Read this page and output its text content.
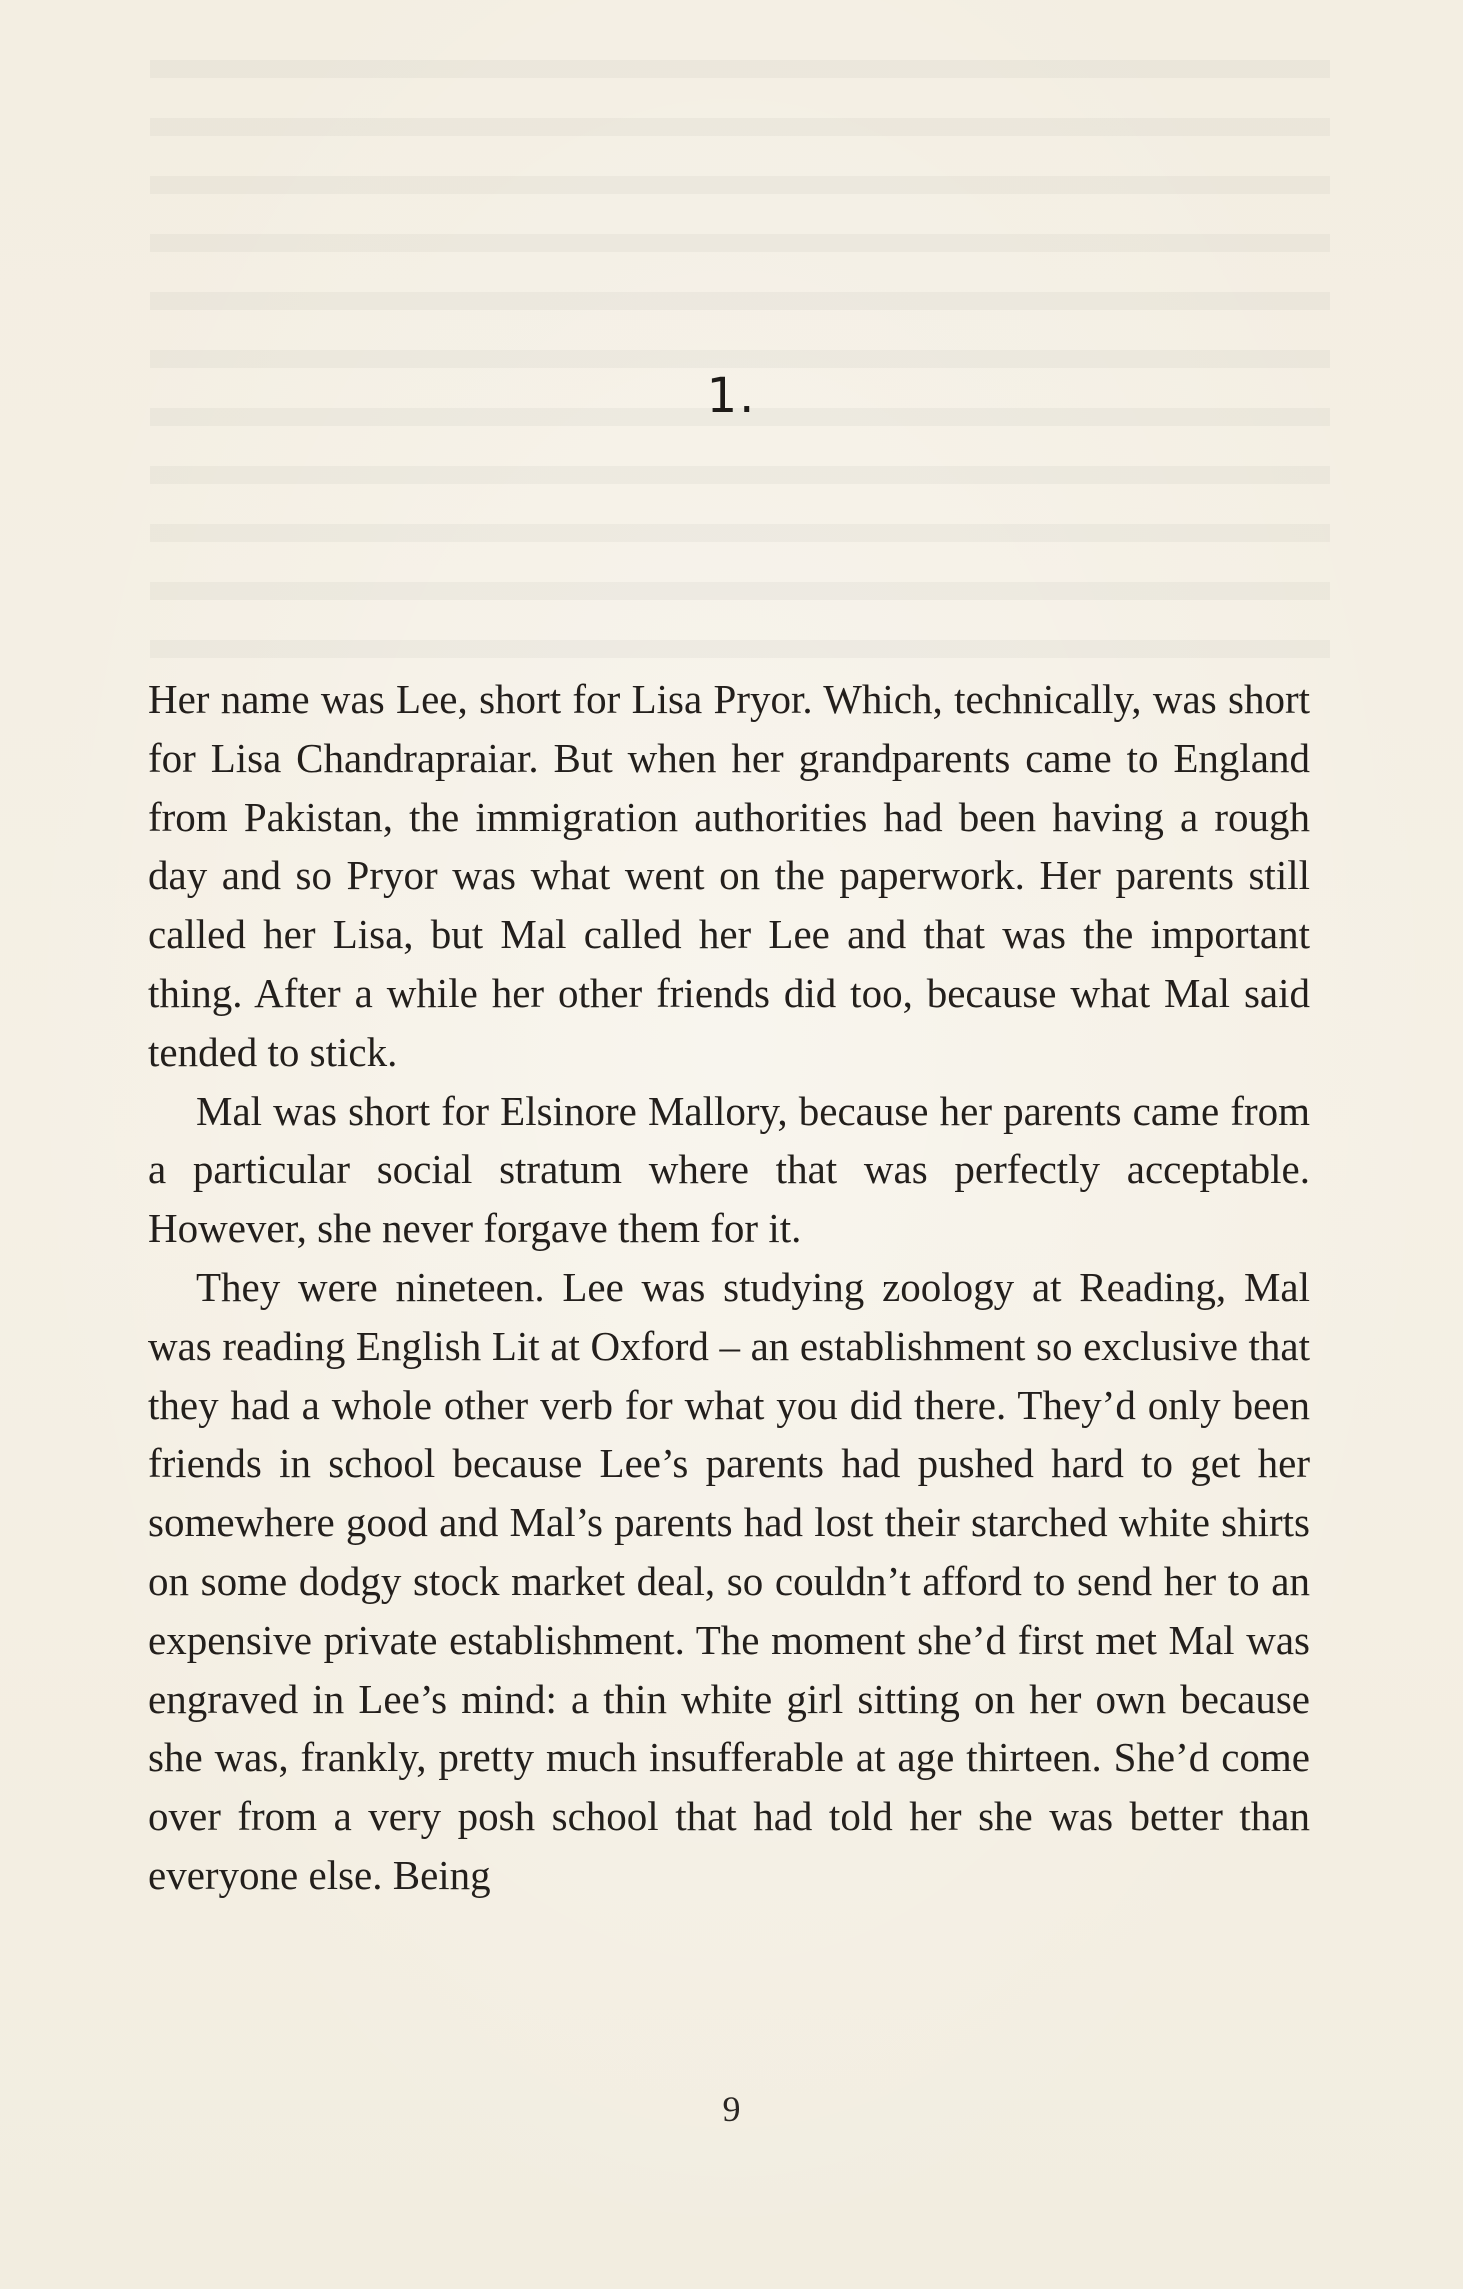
1.

Her name was Lee, short for Lisa Pryor. Which, technically, was short for Lisa Chandrapraiar. But when her grandparents came to England from Pakistan, the immigration authorities had been having a rough day and so Pryor was what went on the paperwork. Her parents still called her Lisa, but Mal called her Lee and that was the important thing. After a while her other friends did too, because what Mal said tended to stick.

Mal was short for Elsinore Mallory, because her parents came from a particular social stratum where that was perfectly acceptable. However, she never forgave them for it.

They were nineteen. Lee was studying zoology at Reading, Mal was reading English Lit at Oxford – an establishment so exclusive that they had a whole other verb for what you did there. They’d only been friends in school because Lee’s parents had pushed hard to get her somewhere good and Mal’s parents had lost their starched white shirts on some dodgy stock market deal, so couldn’t afford to send her to an expensive private establishment. The moment she’d first met Mal was engraved in Lee’s mind: a thin white girl sitting on her own because she was, frankly, pretty much insufferable at age thirteen. She’d come over from a very posh school that had told her she was better than everyone else. Being

9
